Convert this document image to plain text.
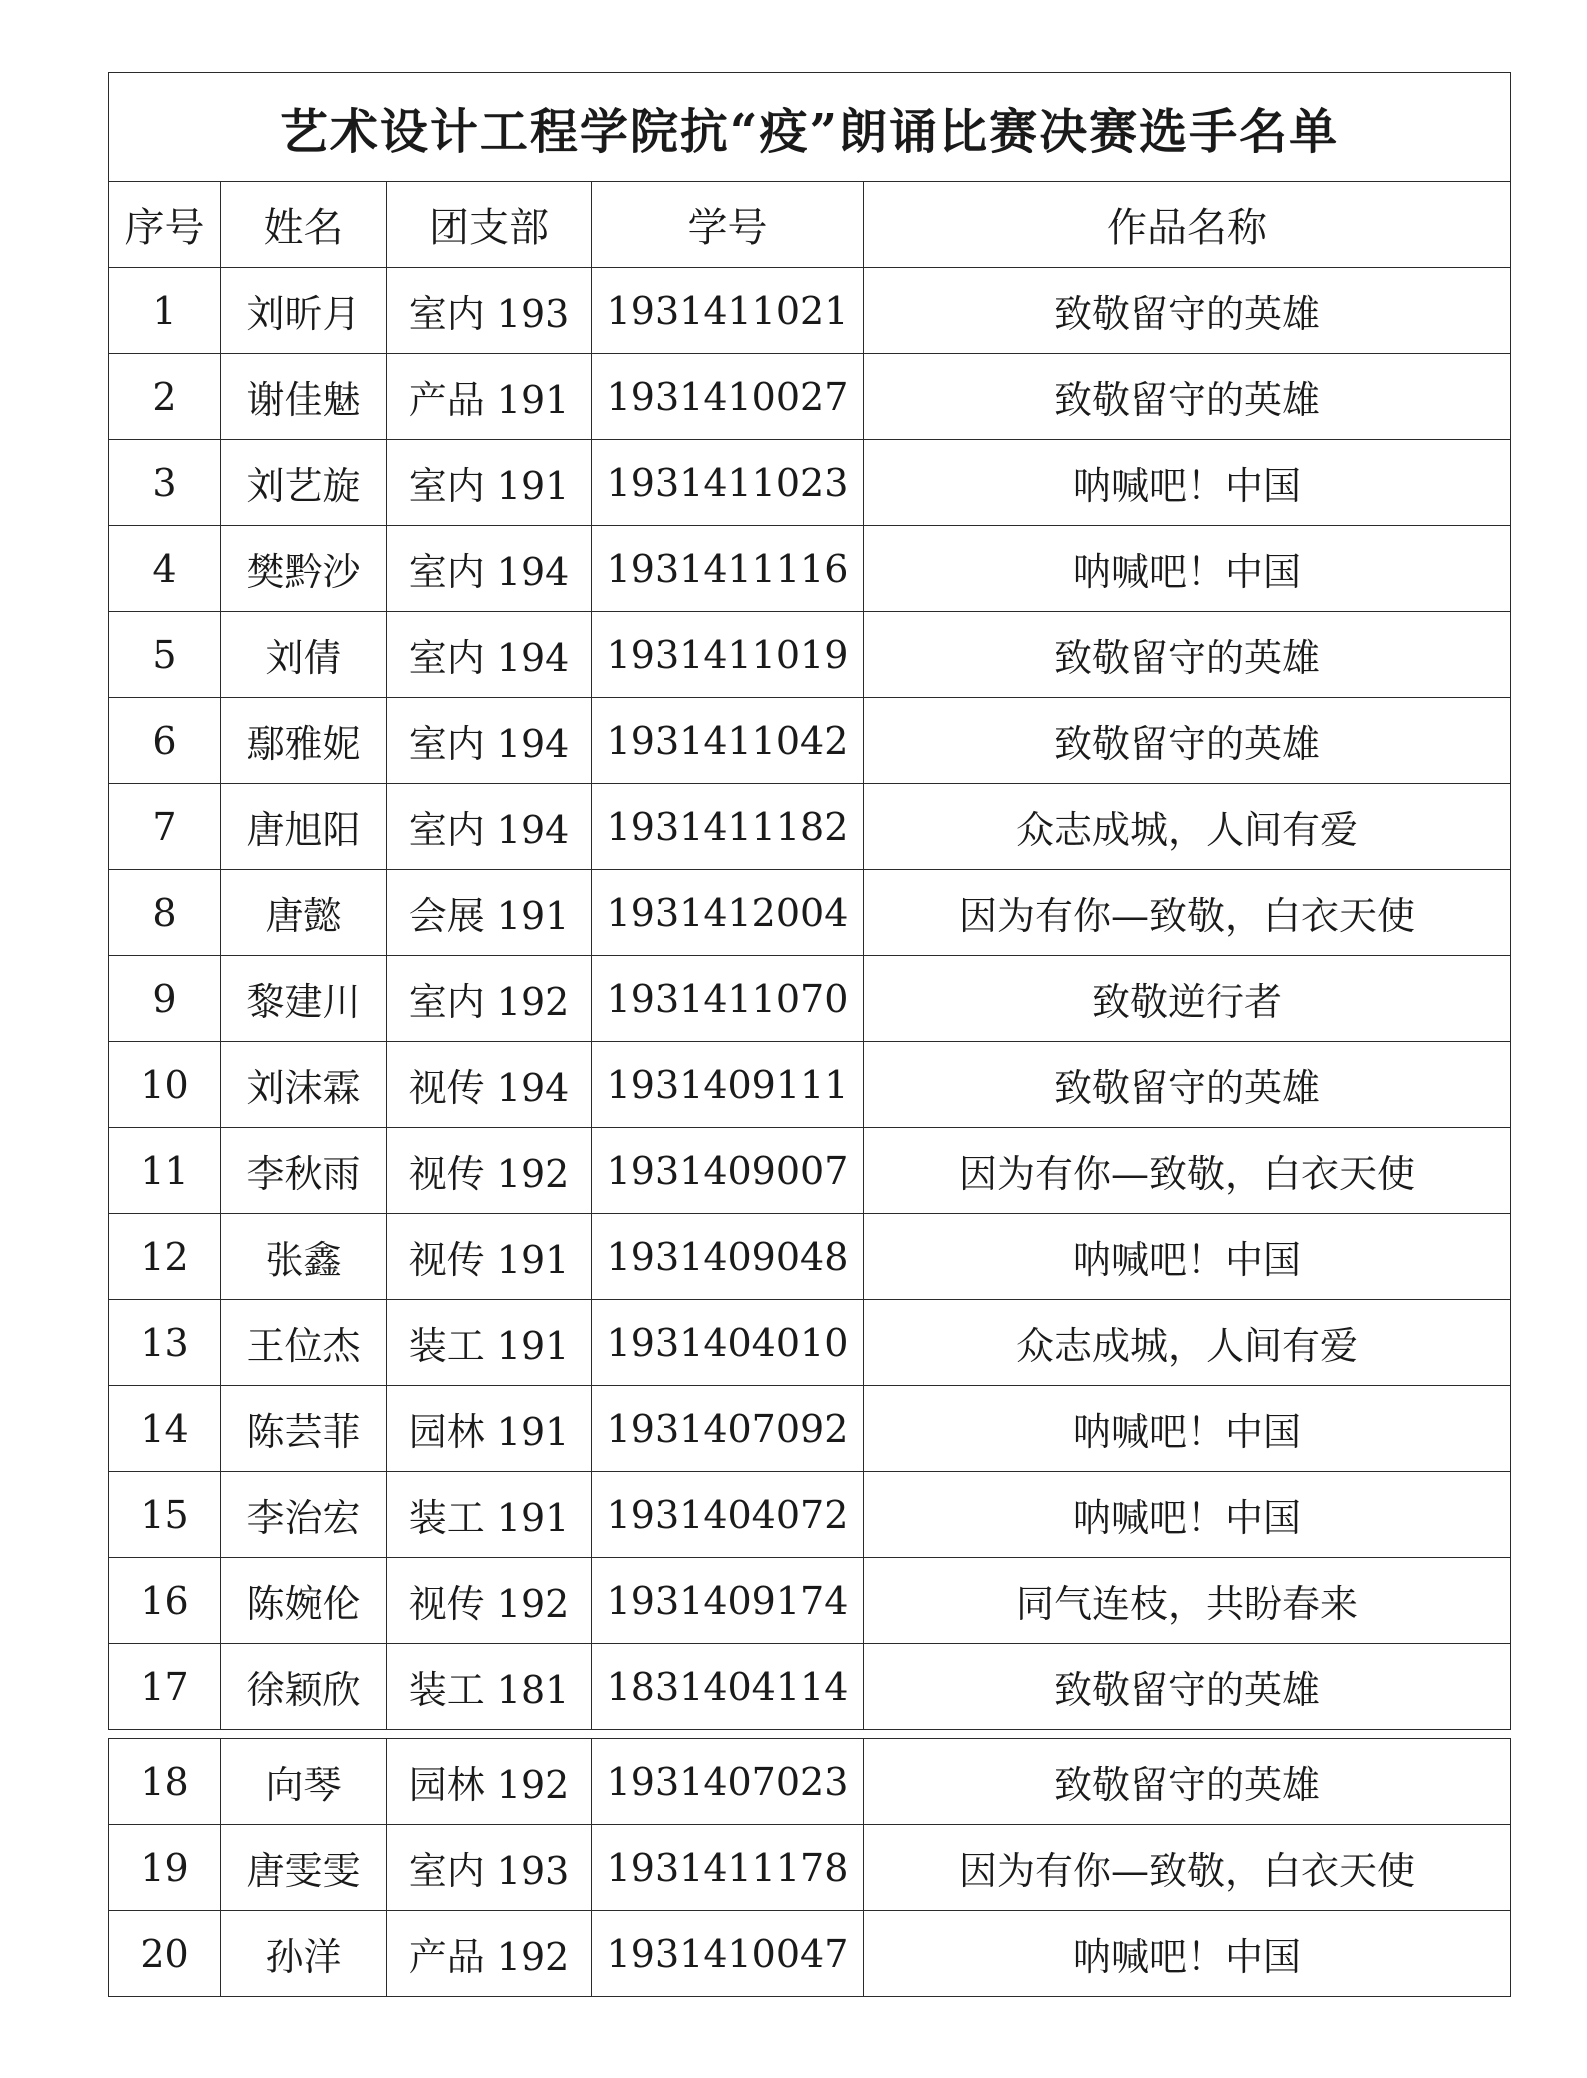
艺术设计工程学院抗“疫”朗诵比赛决赛选手名单				
序号	姓名	团支部	学号	作品名称
1	刘昕月	室内 193	1931411021	致敬留守的英雄
2	谢佳魅	产品 191	1931410027	致敬留守的英雄
3	刘艺旋	室内 191	1931411023	呐喊吧！中国
4	樊黔沙	室内 194	1931411116	呐喊吧！中国
5	刘倩	室内 194	1931411019	致敬留守的英雄
6	鄢雅妮	室内 194	1931411042	致敬留守的英雄
7	唐旭阳	室内 194	1931411182	众志成城，人间有爱
8	唐懿	会展 191	1931412004	因为有你—致敬，白衣天使
9	黎建川	室内 192	1931411070	致敬逆行者
10	刘沫霖	视传 194	1931409111	致敬留守的英雄
11	李秋雨	视传 192	1931409007	因为有你—致敬，白衣天使
12	张鑫	视传 191	1931409048	呐喊吧！中国
13	王位杰	装工 191	1931404010	众志成城，人间有爱
14	陈芸菲	园林 191	1931407092	呐喊吧！中国
15	李治宏	装工 191	1931404072	呐喊吧！中国
16	陈婉伦	视传 192	1931409174	同气连枝，共盼春来
17	徐颖欣	装工 181	1831404114	致敬留守的英雄
18	向琴	园林 192	1931407023	致敬留守的英雄
19	唐雯雯	室内 193	1931411178	因为有你—致敬，白衣天使
20	孙洋	产品 192	1931410047	呐喊吧！中国
